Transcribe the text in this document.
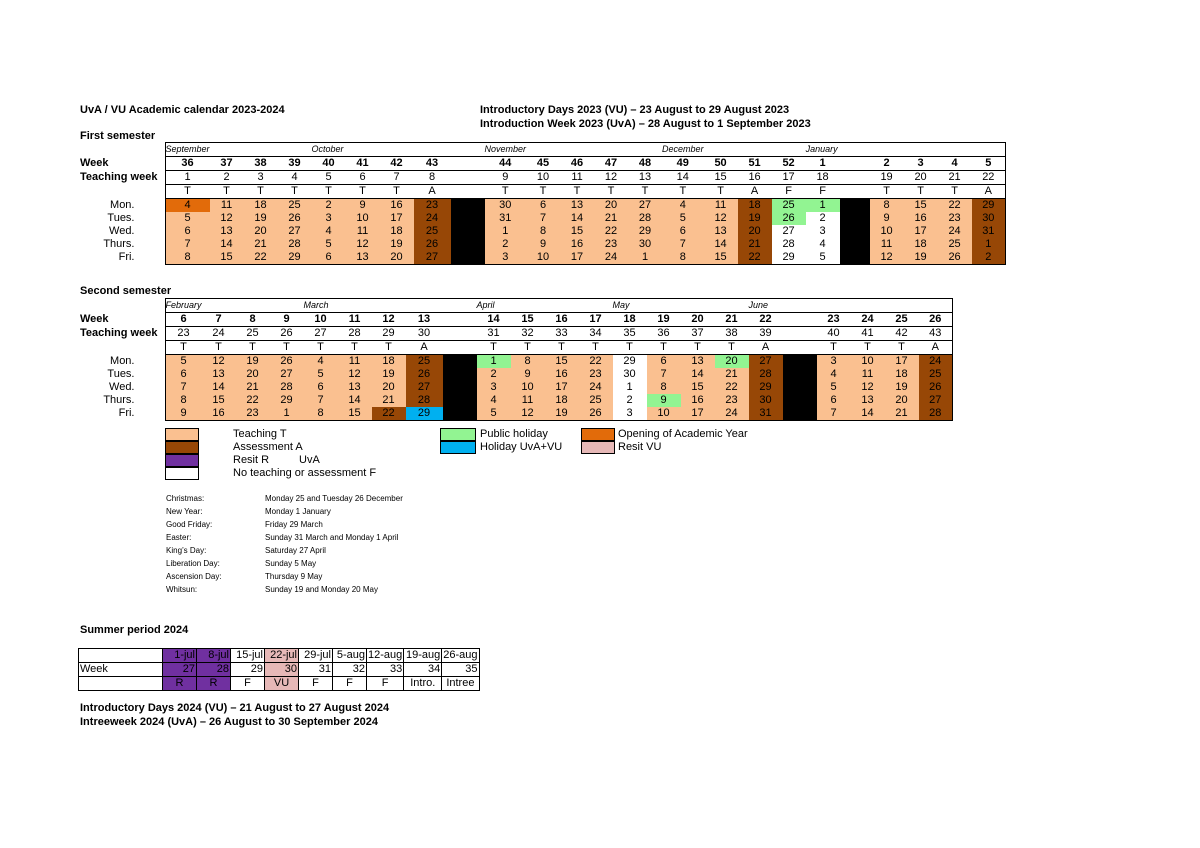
UvA / VU Academic calendar 2023-2024	Introductory Days 2023 (VU) – 23 August to 29 August 2023
Introduction Week 2023 (UvA) – 28 August to 1 September 2023
First semester
	September				October					November					December				January					
Week	36	37	38	39	40	41	42	43		44	45	46	47	48	49	50	51	52	1		2	3	4	5
Teaching week	1	2	3	4	5	6	7	8		9	10	11	12	13	14	15	16	17	18		19	20	21	22
	T	T	T	T	T	T	T	A		T	T	T	T	T	T	T	A	F	F		T	T	T	A
Mon.	4	11	18	25	2	9	16	23		30	6	13	20	27	4	11	18	25	1		8	15	22	29
Tues.	5	12	19	26	3	10	17	24		31	7	14	21	28	5	12	19	26	2		9	16	23	30
Wed.	6	13	20	27	4	11	18	25		1	8	15	22	29	6	13	20	27	3		10	17	24	31
Thurs.	7	14	21	28	5	12	19	26		2	9	16	23	30	7	14	21	28	4		11	18	25	1
Fri.	8	15	22	29	6	13	20	27		3	10	17	24	1	8	15	22	29	5		12	19	26	2
Second semester
	February				March					April				May				June					
Week	6	7	8	9	10	11	12	13		14	15	16	17	18	19	20	21	22		23	24	25	26
Teaching week	23	24	25	26	27	28	29	30		31	32	33	34	35	36	37	38	39		40	41	42	43
	T	T	T	T	T	T	T	A		T	T	T	T	T	T	T	T	A		T	T	T	A
Mon.	5	12	19	26	4	11	18	25		1	8	15	22	29	6	13	20	27		3	10	17	24
Tues.	6	13	20	27	5	12	19	26		2	9	16	23	30	7	14	21	28		4	11	18	25
Wed.	7	14	21	28	6	13	20	27		3	10	17	24	1	8	15	22	29		5	12	19	26
Thurs.	8	15	22	29	7	14	21	28		4	11	18	25	2	9	16	23	30		6	13	20	27
Fri.	9	16	23	1	8	15	22	29		5	12	19	26	3	10	17	24	31		7	14	21	28
Teaching T
Assessment A
Resit R	UvA
No teaching or assessment F
Public holiday
Holiday UvA+VU
Opening of Academic Year
Resit VU
Christmas:	Monday 25 and Tuesday 26 December
New Year:	Monday 1 January
Good Friday:	Friday 29 March
Easter:	Sunday 31 March and Monday 1 April
King’s Day:	Saturday 27 April
Liberation Day:	Sunday 5 May
Ascension Day:	Thursday 9 May
Whitsun:	Sunday 19 and Monday 20 May
Summer period 2024
	1-jul	8-jul	15-jul	22-jul	29-jul	5-aug	12-aug	19-aug	26-aug
Week	27	28	29	30	31	32	33	34	35
	R	R	F	VU	F	F	F	Intro.	Intree
Introductory Days 2024 (VU) – 21 August to 27 August 2024
Intreeweek 2024 (UvA) – 26 August to 30 September 2024
